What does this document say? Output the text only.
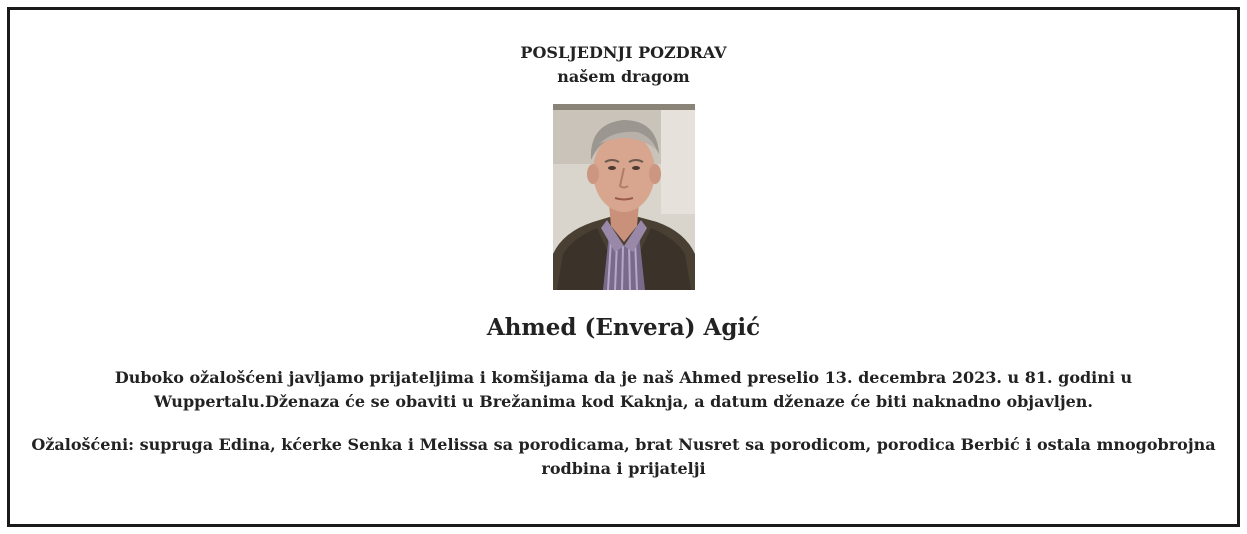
POSLJEDNJI POZDRAV
našem dragom
Ahmed (Envera) Agić
Duboko ožalošćeni javljamo prijateljima i komšijama da je naš Ahmed preselio 13. decembra 2023. u 81. godini u Wuppertalu.Dženaza će se obaviti u Brežanima kod Kaknja, a datum dženaze će biti naknadno objavljen.
Ožalošćeni: supruga Edina, kćerke Senka i Melissa sa porodicama, brat Nusret sa porodicom, porodica Berbić i ostala mnogobrojna rodbina i prijatelji
